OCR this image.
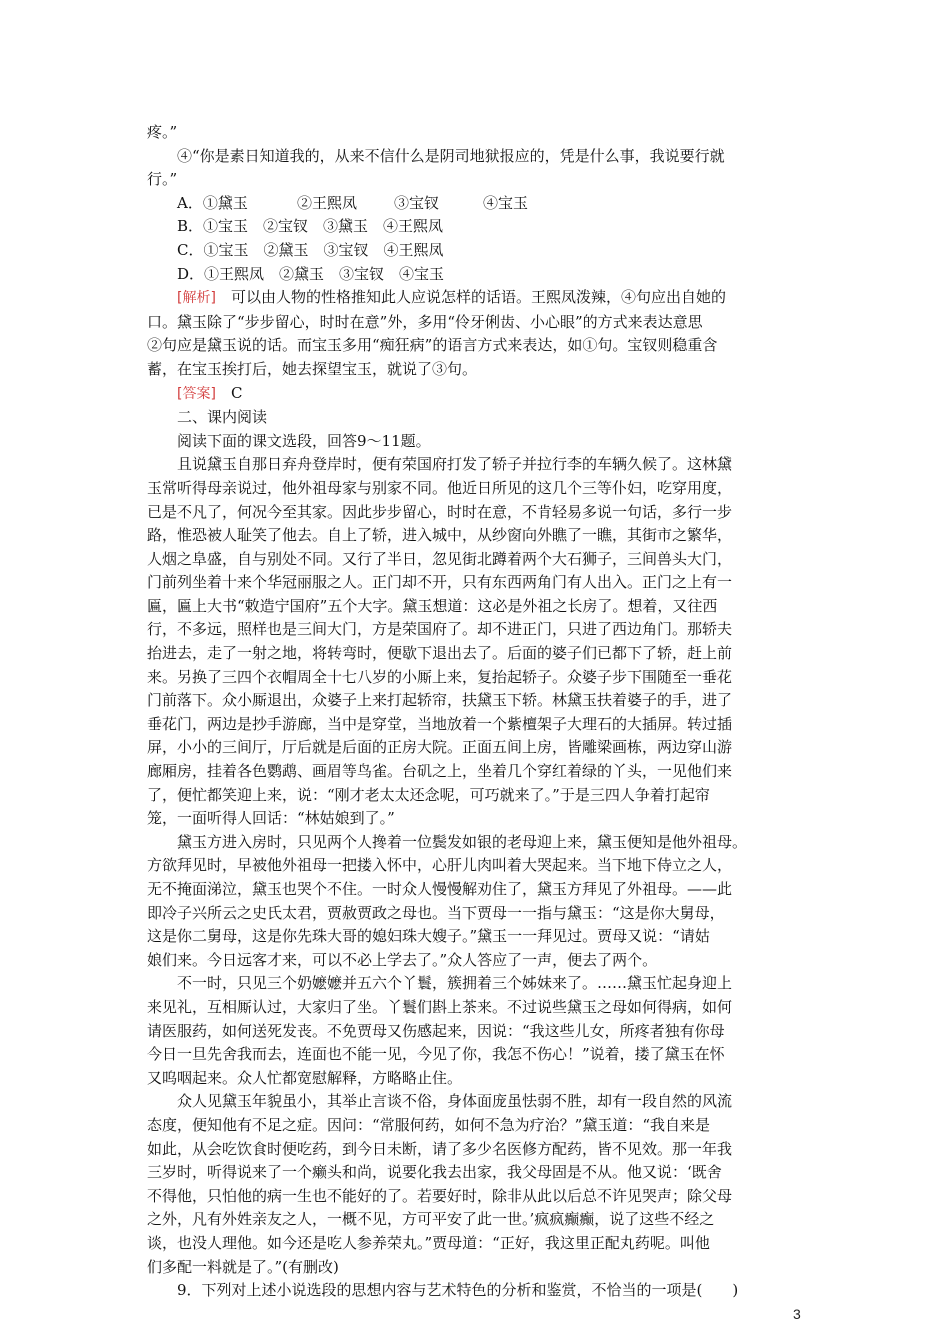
疼。”
④“你是素日知道我的，从来不信什么是阴司地狱报应的，凭是什么事，我说要行就
行。”
A．①黛玉	②王熙凤 ③宝钗	④宝玉
B．①宝玉　②宝钗　③黛玉　④王熙凤
C．①宝玉　②黛玉　③宝钗　④王熙凤
D．①王熙凤　②黛玉　③宝钗　④宝玉
[解析]　可以由人物的性格推知此人应说怎样的话语。王熙凤泼辣，④句应出自她的
口。黛玉除了“步步留心，时时在意”外，多用“伶牙俐齿、小心眼”的方式来表达意思
②句应是黛玉说的话。而宝玉多用“痴狂病”的语言方式来表达，如①句。宝钗则稳重含
蓄，在宝玉挨打后，她去探望宝玉，就说了③句。
[答案]　C
二、课内阅读
阅读下面的课文选段，回答9～11题。
且说黛玉自那日弃舟登岸时，便有荣国府打发了轿子并拉行李的车辆久候了。这林黛
玉常听得母亲说过，他外祖母家与别家不同。他近日所见的这几个三等仆妇，吃穿用度，
已是不凡了，何况今至其家。因此步步留心，时时在意，不肯轻易多说一句话，多行一步
路，惟恐被人耻笑了他去。自上了轿，进入城中，从纱窗向外瞧了一瞧，其街市之繁华，
人烟之阜盛，自与别处不同。又行了半日，忽见街北蹲着两个大石狮子，三间兽头大门，
门前列坐着十来个华冠丽服之人。正门却不开，只有东西两角门有人出入。正门之上有一
匾，匾上大书“敕造宁国府”五个大字。黛玉想道：这必是外祖之长房了。想着，又往西
行，不多远，照样也是三间大门，方是荣国府了。却不进正门，只进了西边角门。那轿夫
抬进去，走了一射之地，将转弯时，便歇下退出去了。后面的婆子们已都下了轿，赶上前
来。另换了三四个衣帽周全十七八岁的小厮上来，复抬起轿子。众婆子步下围随至一垂花
门前落下。众小厮退出，众婆子上来打起轿帘，扶黛玉下轿。林黛玉扶着婆子的手，进了
垂花门，两边是抄手游廊，当中是穿堂，当地放着一个紫檀架子大理石的大插屏。转过插
屏，小小的三间厅，厅后就是后面的正房大院。正面五间上房，皆雕梁画栋，两边穿山游
廊厢房，挂着各色鹦鹉、画眉等鸟雀。台矶之上，坐着几个穿红着绿的丫头，一见他们来
了，便忙都笑迎上来，说：“刚才老太太还念呢，可巧就来了。”于是三四人争着打起帘
笼，一面听得人回话：“林姑娘到了。”
黛玉方进入房时，只见两个人搀着一位鬓发如银的老母迎上来，黛玉便知是他外祖母。
方欲拜见时，早被他外祖母一把搂入怀中，心肝儿肉叫着大哭起来。当下地下侍立之人，
无不掩面涕泣，黛玉也哭个不住。一时众人慢慢解劝住了，黛玉方拜见了外祖母。——此
即冷子兴所云之史氏太君，贾赦贾政之母也。当下贾母一一指与黛玉：“这是你大舅母，
这是你二舅母，这是你先珠大哥的媳妇珠大嫂子。”黛玉一一拜见过。贾母又说：“请姑
娘们来。今日远客才来，可以不必上学去了。”众人答应了一声，便去了两个。
不一时，只见三个奶嬷嬷并五六个丫鬟，簇拥着三个姊妹来了。……黛玉忙起身迎上
来见礼，互相厮认过，大家归了坐。丫鬟们斟上茶来。不过说些黛玉之母如何得病，如何
请医服药，如何送死发丧。不免贾母又伤感起来，因说：“我这些儿女，所疼者独有你母
今日一旦先舍我而去，连面也不能一见，今见了你，我怎不伤心！”说着，搂了黛玉在怀
又呜咽起来。众人忙都宽慰解释，方略略止住。
众人见黛玉年貌虽小，其举止言谈不俗，身体面庞虽怯弱不胜，却有一段自然的风流
态度，便知他有不足之症。因问：“常服何药，如何不急为疗治？”黛玉道：“我自来是
如此，从会吃饮食时便吃药，到今日未断，请了多少名医修方配药，皆不见效。那一年我
三岁时，听得说来了一个癞头和尚，说要化我去出家，我父母固是不从。他又说：‘既舍
不得他，只怕他的病一生也不能好的了。若要好时，除非从此以后总不许见哭声；除父母
之外，凡有外姓亲友之人，一概不见，方可平安了此一世。’疯疯癫癫，说了这些不经之
谈，也没人理他。如今还是吃人参养荣丸。”贾母道：“正好，我这里正配丸药呢。叫他
们多配一料就是了。”(有删改)
9．下列对上述小说选段的思想内容与艺术特色的分析和鉴赏，不恰当的一项是(　　)
3
